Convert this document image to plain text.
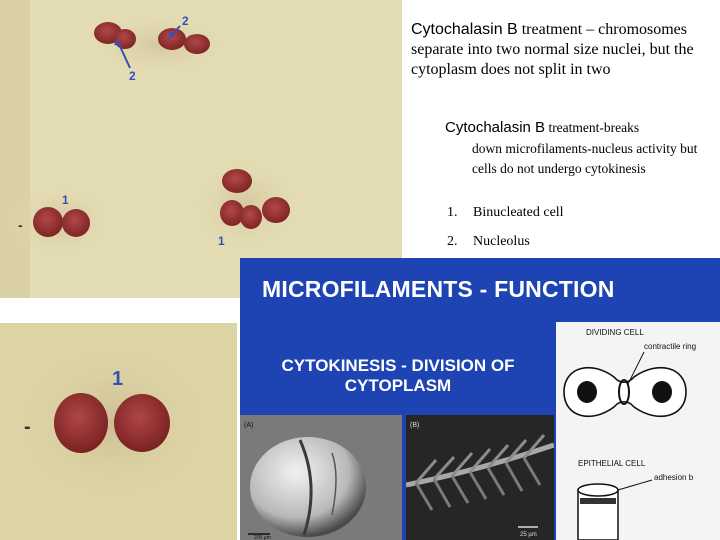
2
2
1
-
1
1
-
Cytochalasin B treatment – chromosomes separate into two normal size nuclei, but the cytoplasm does not split in two
Cytochalasin B treatment-breaks
down microfilaments-nucleus activity but cells do not undergo cytokinesis
1. Binucleated cell
2. Nucleolus
MICROFILAMENTS - FUNCTION
CYTOKINESIS - DIVISION OF
CYTOPLASM
(A)
200 µm
(B)
25 µm
DIVIDING CELL
contractile ring
EPITHELIAL CELL
adhesion b
